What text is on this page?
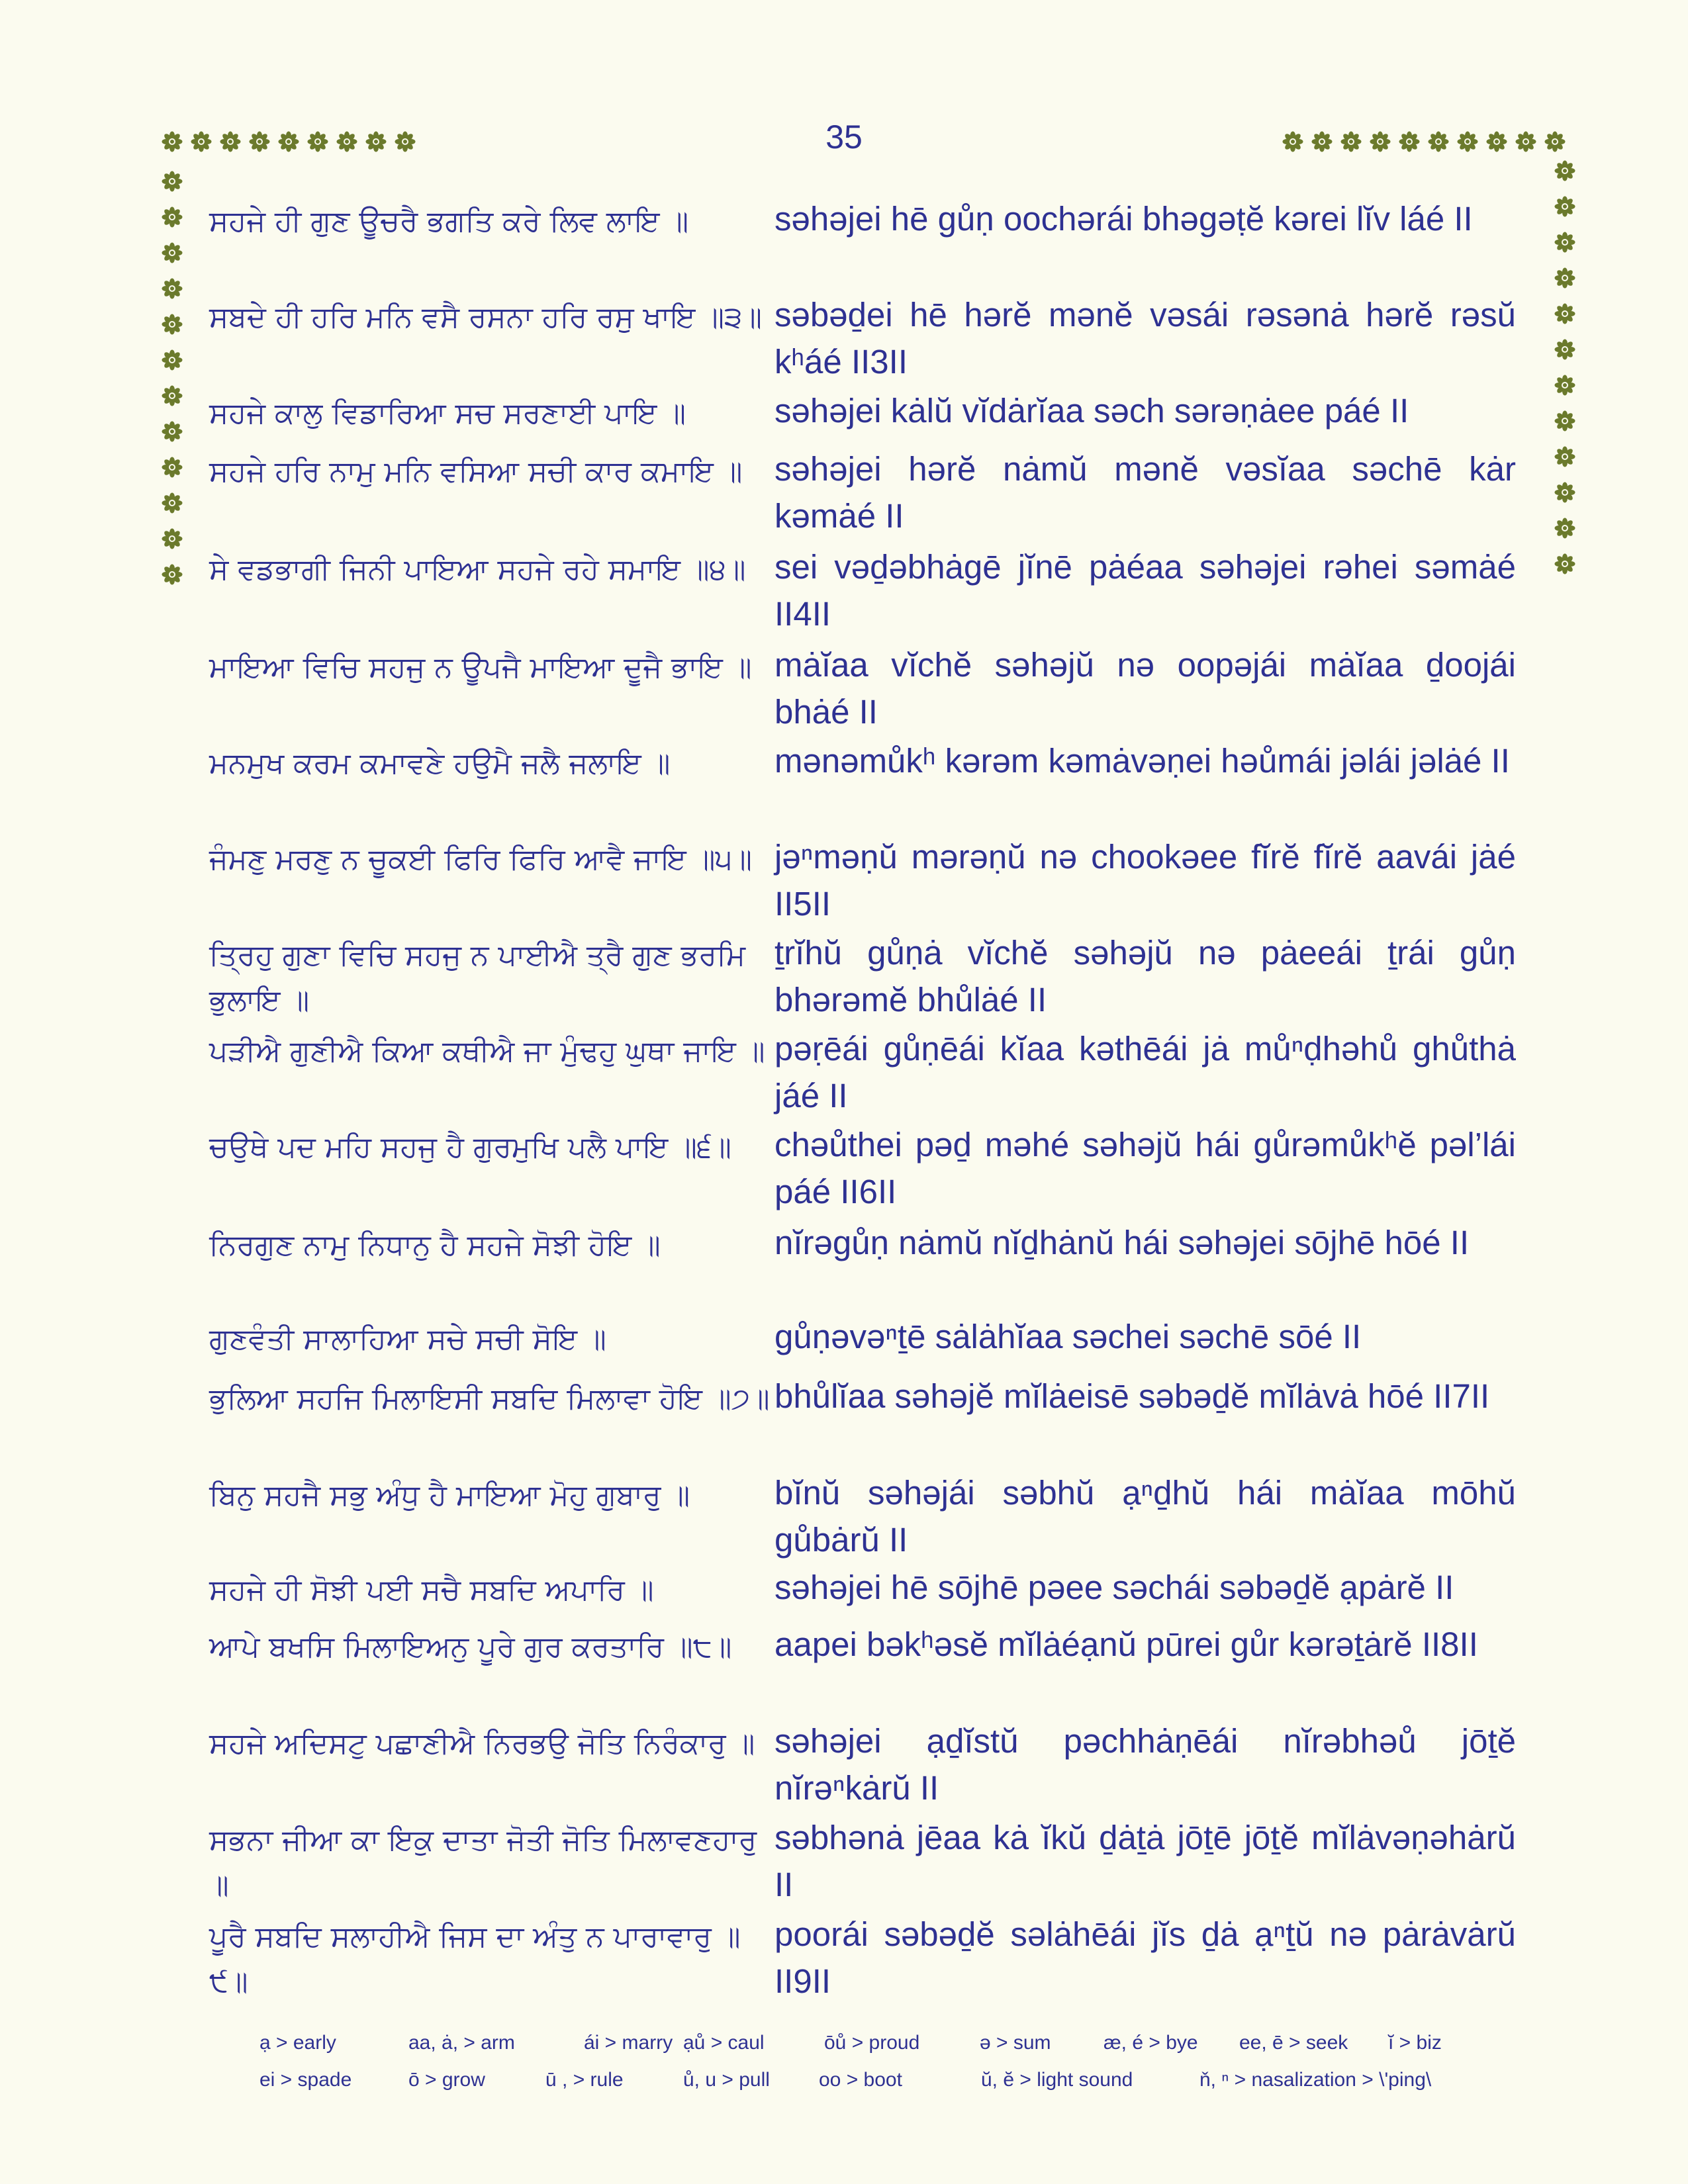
35
ਸਹਜੇ ਹੀ ਗੁਣ ਊਚਰੈ ਭਗਤਿ ਕਰੇ ਲਿਵ ਲਾਇ ॥	səhəjei hē gůṇ oochərái bhəgəṭĕ kərei lĭv láé II
ਸਬਦੇ ਹੀ ਹਰਿ ਮਨਿ ਵਸੈ ਰਸਨਾ ਹਰਿ ਰਸੁ ਖਾਇ ॥੩॥ səbəḏei hē hərĕ mənĕ vəsái rəsənȧ hərĕ rəsŭ kʰáé II3II
ਸਹਜੇ ਕਾਲੁ ਵਿਡਾਰਿਆ ਸਚ ਸਰਣਾਈ ਪਾਇ ॥	səhəjei kȧlŭ vĭdȧrĭaa səch sərəṇȧee páé II
ਸਹਜੇ ਹਰਿ ਨਾਮੁ ਮਨਿ ਵਸਿਆ ਸਚੀ ਕਾਰ ਕਮਾਇ ॥ səhəjei hərĕ nȧmŭ mənĕ vəsĭaa səchē kȧr kəmȧé II
ਸੇ ਵਡਭਾਗੀ ਜਿਨੀ ਪਾਇਆ ਸਹਜੇ ਰਹੇ ਸਮਾਇ ॥੪॥ sei vəḏəbhȧgē jĭnē pȧéaa səhəjei rəhei səmȧé II4II
ਮਾਇਆ ਵਿਚਿ ਸਹਜੁ ਨ ਊਪਜੈ ਮਾਇਆ ਦੂਜੈ ਭਾਇ ॥ mȧĭaa vĭchĕ səhəjŭ nə oopəjái mȧĭaa ḏoojái bhȧé II
ਮਨਮੁਖ ਕਰਮ ਕਮਾਵਣੇ ਹਉਮੈ ਜਲੈ ਜਲਾਇ ॥	mənəmůkʰ kərəm kəmȧvəṇei həůmái jəlái jəlȧé II
ਜੰਮਣੁ ਮਰਣੁ ਨ ਚੂਕਈ ਫਿਰਿ ਫਿਰਿ ਆਵੈ ਜਾਇ ॥੫॥ jəⁿməṇŭ mərəṇŭ nə chookəee fĭrĕ fĭrĕ aavái jȧé II5II
ਤ੍ਰਿਹੁ ਗੁਣਾ ਵਿਚਿ ਸਹਜੁ ਨ ਪਾਈਐ ਤ੍ਰੈ ਗੁਣ ਭਰਮਿ ਭੁਲਾਇ ॥
ṯrĭhŭ gůṇȧ vĭchĕ səhəjŭ nə pȧeeái ṯrái gůṇ bhərəmĕ bhůlȧé II
ਪੜੀਐ ਗੁਣੀਐ ਕਿਆ ਕਥੀਐ ਜਾ ਮੁੰਢਹੁ ਘੁਥਾ ਜਾਇ ॥ pəṛēái gůṇēái kĭaa kəthēái jȧ můⁿḍhəhů ghůthȧ jáé II
ਚਉਥੇ ਪਦ ਮਹਿ ਸਹਜੁ ਹੈ ਗੁਰਮੁਖਿ ਪਲੈ ਪਾਇ ॥੬॥	chəůthei pəḏ məhé səhəjŭ hái gůrəmůkʰĕ pəl’lái páé II6II
ਨਿਰਗੁਣ ਨਾਮੁ ਨਿਧਾਨੁ ਹੈ ਸਹਜੇ ਸੋਝੀ ਹੋਇ ॥	nĭrəgůṇ nȧmŭ nĭḏhȧnŭ hái səhəjei sōjhē hōé II
ਗੁਣਵੰਤੀ ਸਾਲਾਹਿਆ ਸਚੇ ਸਚੀ ਸੋਇ ॥	gůṇəvəⁿṯē sȧlȧhĭaa səchei səchē sōé II
ਭੁਲਿਆ ਸਹਜਿ ਮਿਲਾਇਸੀ ਸਬਦਿ ਮਿਲਾਵਾ ਹੋਇ ॥੭॥ bhůlĭaa səhəjĕ mĭlȧeisē səbəḏĕ mĭlȧvȧ hōé II7II
ਬਿਨੁ ਸਹਜੈ ਸਭੁ ਅੰਧੁ ਹੈ ਮਾਇਆ ਮੋਹੁ ਗੁਬਾਰੁ ॥	bĭnŭ səhəjái səbhŭ ạⁿḏhŭ hái mȧĭaa mōhŭ gůbȧrŭ II
ਸਹਜੇ ਹੀ ਸੋਝੀ ਪਈ ਸਚੈ ਸਬਦਿ ਅਪਾਰਿ ॥	səhəjei hē sōjhē pəee səchái səbəḏĕ ạpȧrĕ II
ਆਪੇ ਬਖਸਿ ਮਿਲਾਇਅਨੁ ਪੂਰੇ ਗੁਰ ਕਰਤਾਰਿ ॥੮॥	aapei bəkʰəsĕ mĭlȧéạnŭ pūrei gůr kərəṯȧrĕ II8II
ਸਹਜੇ ਅਦਿਸਟੁ ਪਛਾਣੀਐ ਨਿਰਭਉ ਜੋਤਿ ਨਿਰੰਕਾਰੁ ॥ səhəjei ạḏĭstŭ pəchhȧṇēái nĭrəbhəů jōṯĕ nĭrəⁿkȧrŭ II
ਸਭਨਾ ਜੀਆ ਕਾ ਇਕੁ ਦਾਤਾ ਜੋਤੀ ਜੋਤਿ ਮਿਲਾਵਣਹਾਰੁ ॥
səbhənȧ jēaa kȧ ĭkŭ ḏȧṯȧ jōṯē jōṯĕ mĭlȧvəṇəhȧrŭ II
ਪੂਰੈ ਸਬਦਿ ਸਲਾਹੀਐ ਜਿਸ ਦਾ ਅੰਤੁ ਨ ਪਾਰਾਵਾਰੁ ॥੯॥
poorái səbəḏĕ səlȧhēái jĭs ḏȧ ạⁿṯŭ nə pȧrȧvȧrŭ II9II
ạ > early	aa, ȧ, > arm	ái > marry ạů > caul	ōů > proud	ə > sum	æ, é > bye ee, ē > seek ĭ > biz
ei > spade	ō > grow	ū , > rule	ů, u > pull oo > boot	ŭ, ĕ > light sound	ň, ⁿ > nasalization > \'ping\
